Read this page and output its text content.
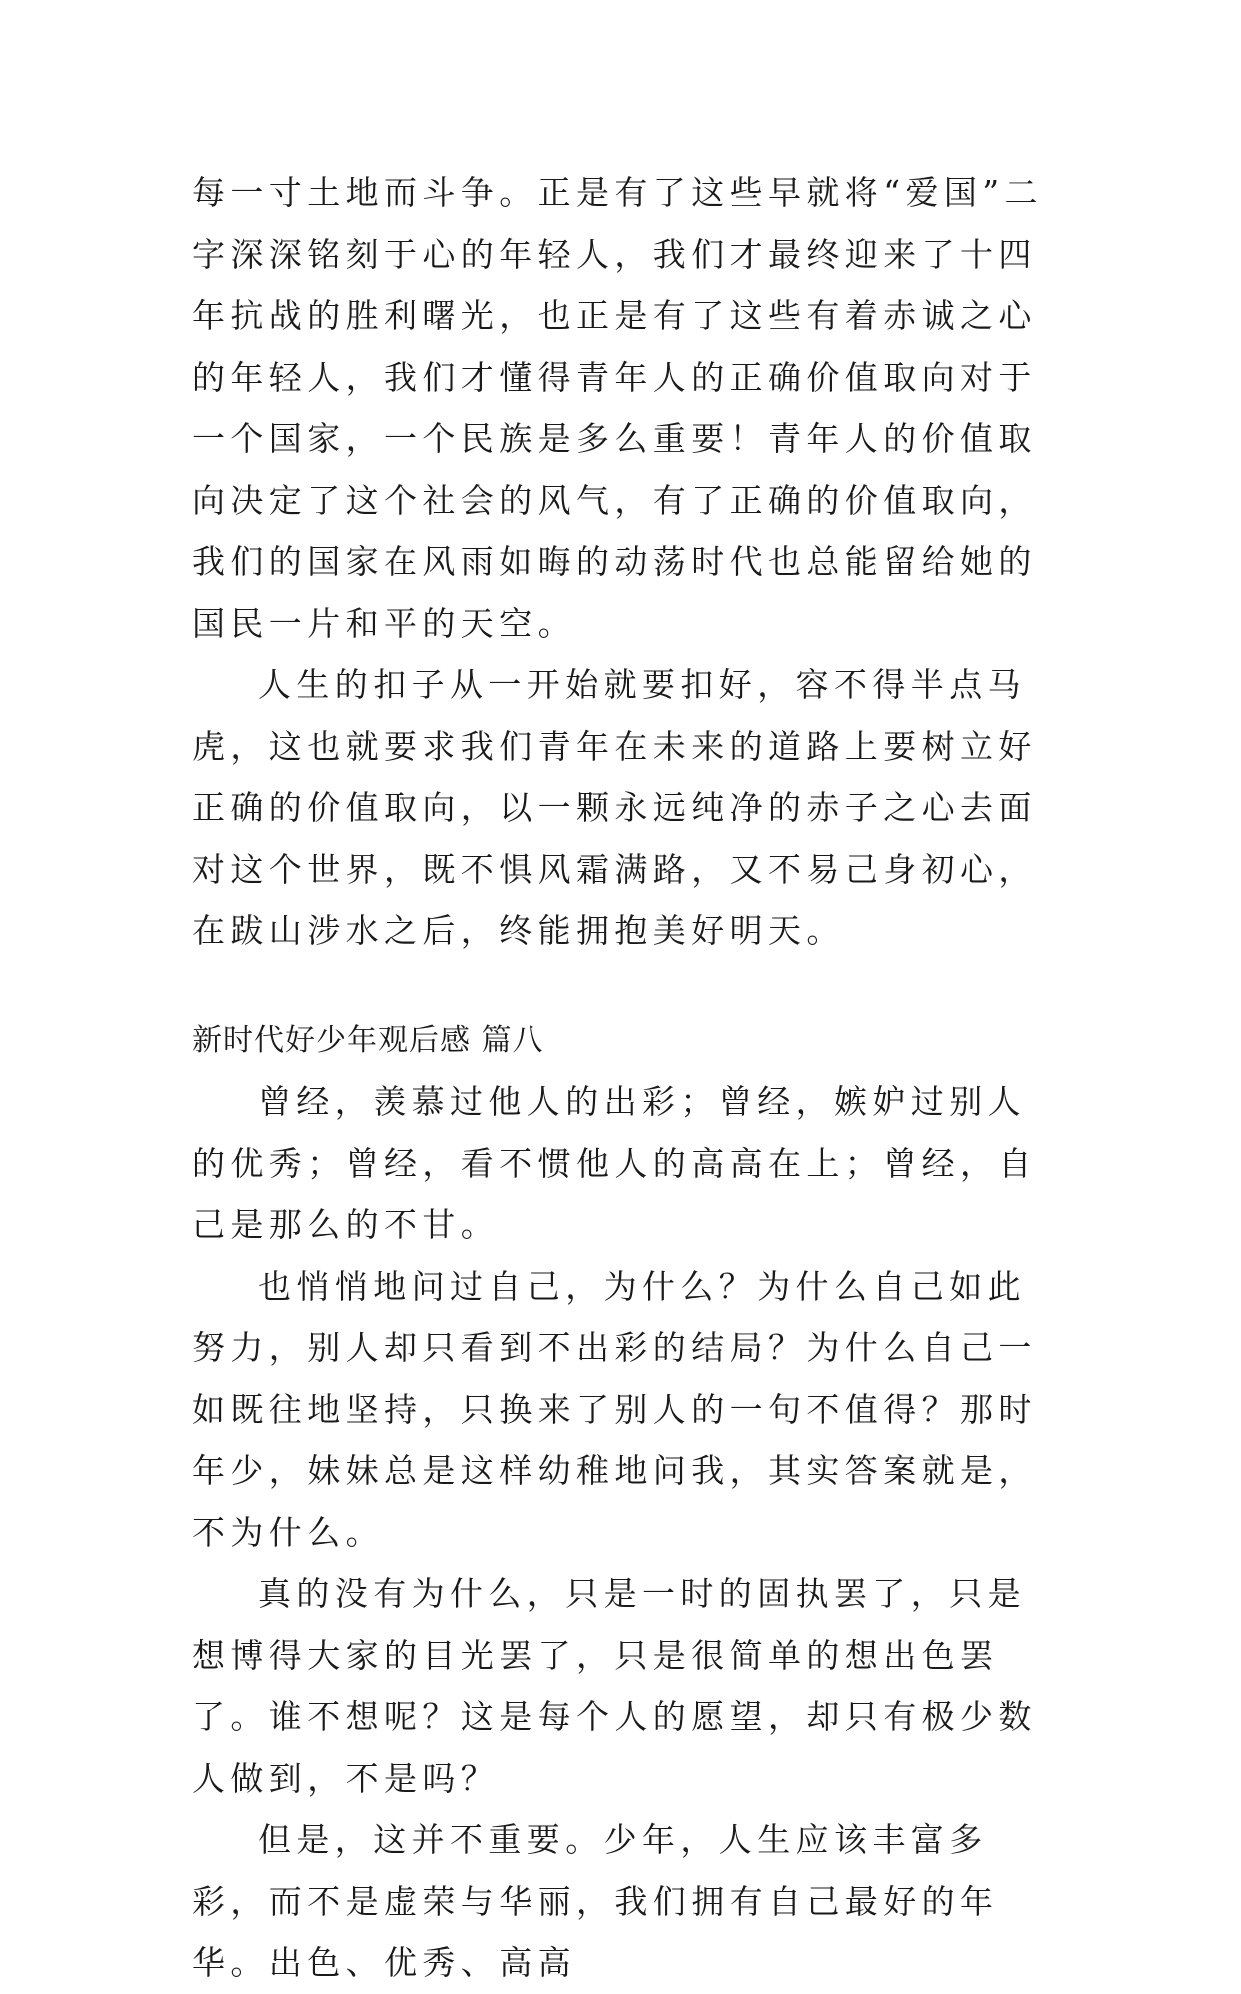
每一寸土地而斗争。正是有了这些早就将“爱国”二字深深铭刻于心的年轻人，我们才最终迎来了十四年抗战的胜利曙光，也正是有了这些有着赤诚之心的年轻人，我们才懂得青年人的正确价值取向对于一个国家，一个民族是多么重要！青年人的价值取向决定了这个社会的风气，有了正确的价值取向，我们的国家在风雨如晦的动荡时代也总能留给她的国民一片和平的天空。

人生的扣子从一开始就要扣好，容不得半点马虎，这也就要求我们青年在未来的道路上要树立好正确的价值取向，以一颗永远纯净的赤子之心去面对这个世界，既不惧风霜满路，又不易己身初心，在跋山涉水之后，终能拥抱美好明天。

新时代好少年观后感 篇八

曾经，羡慕过他人的出彩；曾经，嫉妒过别人的优秀；曾经，看不惯他人的高高在上；曾经，自己是那么的不甘。

也悄悄地问过自己，为什么？为什么自己如此努力，别人却只看到不出彩的结局？为什么自己一如既往地坚持，只换来了别人的一句不值得？那时年少，妹妹总是这样幼稚地问我，其实答案就是，不为什么。

真的没有为什么，只是一时的固执罢了，只是想博得大家的目光罢了，只是很简单的想出色罢了。谁不想呢？这是每个人的愿望，却只有极少数人做到，不是吗？

但是，这并不重要。少年，人生应该丰富多彩，而不是虚荣与华丽，我们拥有自己最好的年华。出色、优秀、高高
